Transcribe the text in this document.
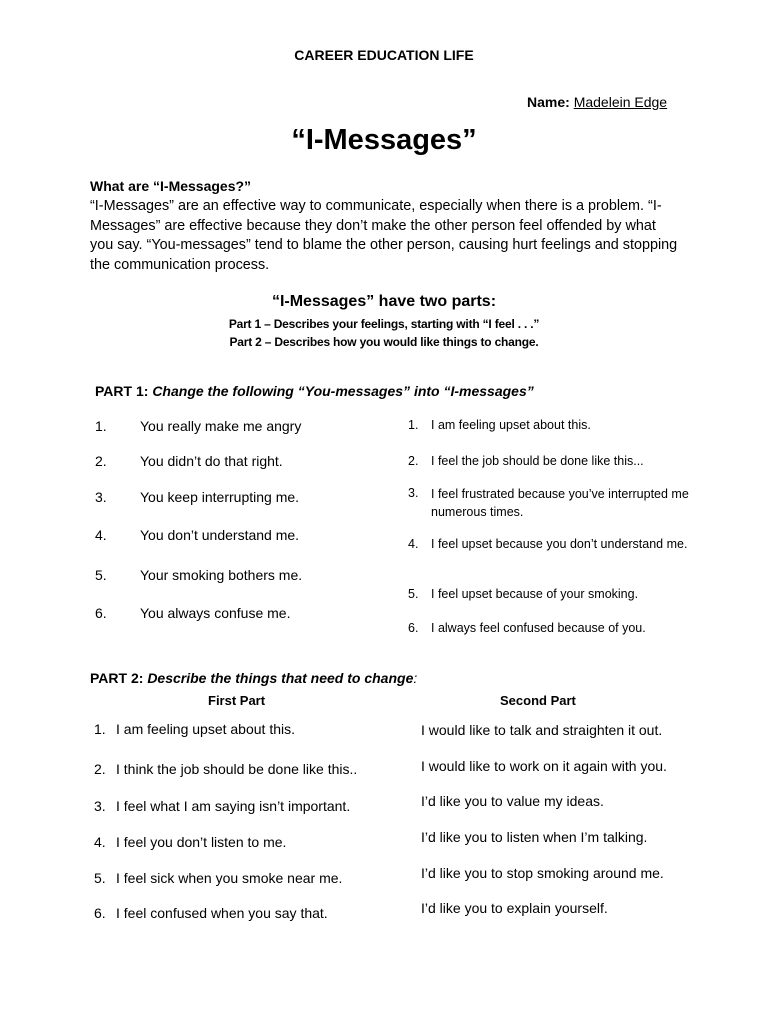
CAREER EDUCATION LIFE
Name: Madelein Edge
“I-Messages”
What are “I-Messages?”
“I-Messages” are an effective way to communicate, especially when there is a problem. “I-Messages” are effective because they don’t make the other person feel offended by what you say. “You-messages” tend to blame the other person, causing hurt feelings and stopping the communication process.
“I-Messages” have two parts:
Part 1 – Describes your feelings, starting with “I feel . . .”
Part 2 – Describes how you would like things to change.
PART 1: Change the following “You-messages” into “I-messages”
1. You really make me angry
2. You didn’t do that right.
3. You keep interrupting me.
4. You don’t understand me.
5. Your smoking bothers me.
6. You always confuse me.
1. I am feeling upset about this.
2. I feel the job should be done like this...
3. I feel frustrated because you’ve interrupted me numerous times.
4. I feel upset because you don’t understand me.
5. I feel upset because of your smoking.
6. I always feel confused because of you.
PART 2: Describe the things that need to change:
First Part	Second Part
1. I am feeling upset about this.
2. I think the job should be done like this..
3. I feel what I am saying isn’t important.
4. I feel you don’t listen to me.
5. I feel sick when you smoke near me.
6. I feel confused when you say that.
I would like to talk and straighten it out.
I would like to work on it again with you.
I’d like you to value my ideas.
I’d like you to listen when I’m talking.
I’d like you to stop smoking around me.
I’d like you to explain yourself.
